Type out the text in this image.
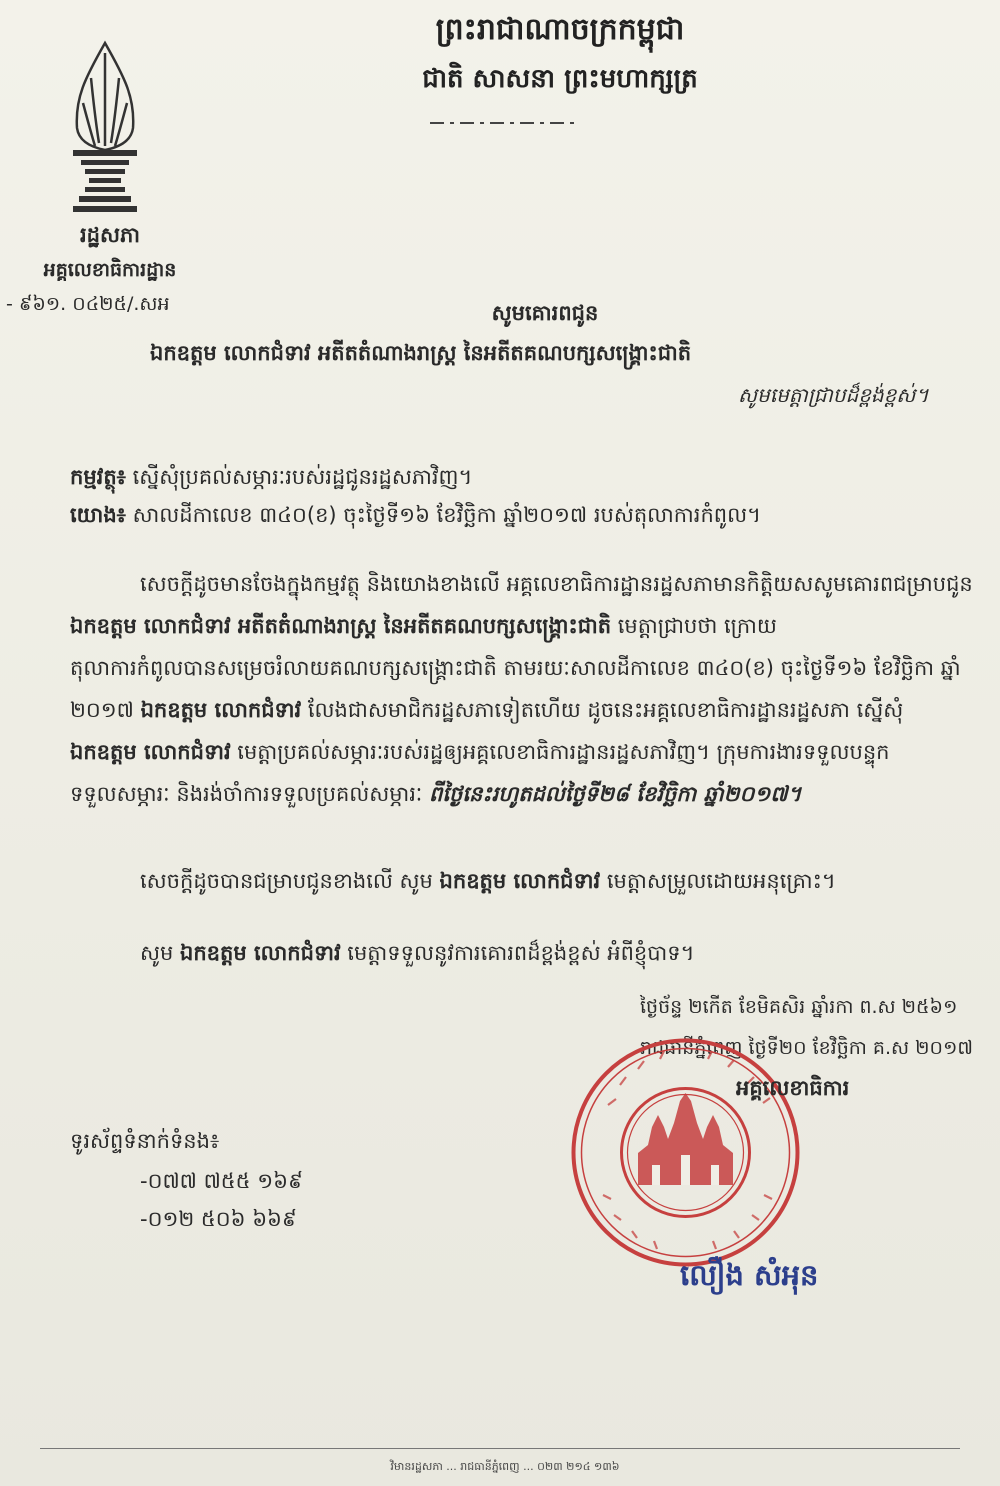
ព្រះរាជាណាចក្រកម្ពុជា
ជាតិ សាសនា ព្រះមហាក្សត្រ
រដ្ឋសភា
អគ្គលេខាធិការដ្ឋាន
- ៩៦១. ០៤២៥/.សអ	សូមគោរពជូន
ឯកឧត្តម លោកជំទាវ អតីតតំណាងរាស្ត្រ នៃអតីតគណបក្សសង្គ្រោះជាតិ
សូមមេត្តាជ្រាបដ៏ខ្ពង់ខ្ពស់។
កម្មវត្ថុ៖ ស្នើសុំប្រគល់សម្ភារៈរបស់រដ្ឋជូនរដ្ឋសភាវិញ។
យោង៖ សាលដីកាលេខ ៣៤០(ខ) ចុះថ្ងៃទី១៦ ខែវិច្ឆិកា ឆ្នាំ២០១៧ របស់តុលាការកំពូល។
សេចក្តីដូចមានចែងក្នុងកម្មវត្ថុ និងយោងខាងលើ អគ្គលេខាធិការដ្ឋានរដ្ឋសភាមានកិត្តិយសសូមគោរពជម្រាបជូន
ឯកឧត្តម លោកជំទាវ អតីតតំណាងរាស្ត្រ នៃអតីតគណបក្សសង្គ្រោះជាតិ មេត្តាជ្រាបថា ក្រោយ
តុលាការកំពូលបានសម្រេចរំលាយគណបក្សសង្គ្រោះជាតិ តាមរយៈសាលដីកាលេខ ៣៤០(ខ) ចុះថ្ងៃទី១៦ ខែវិច្ឆិកា ឆ្នាំ
២០១៧ ឯកឧត្តម លោកជំទាវ លែងជាសមាជិករដ្ឋសភាទៀតហើយ ដូចនេះអគ្គលេខាធិការដ្ឋានរដ្ឋសភា ស្នើសុំ
ឯកឧត្តម លោកជំទាវ មេត្តាប្រគល់សម្ភារៈរបស់រដ្ឋឲ្យអគ្គលេខាធិការដ្ឋានរដ្ឋសភាវិញ។ ក្រុមការងារទទួលបន្ទុក
ទទួលសម្ភារៈ និងរង់ចាំការទទួលប្រគល់សម្ភារៈ ពីថ្ងៃនេះរហូតដល់ថ្ងៃទី២៨ ខែវិច្ឆិកា ឆ្នាំ២០១៧។
សេចក្តីដូចបានជម្រាបជូនខាងលើ សូម ឯកឧត្តម លោកជំទាវ មេត្តាសម្រួលដោយអនុគ្រោះ។
សូម ឯកឧត្តម លោកជំទាវ មេត្តាទទួលនូវការគោរពដ៏ខ្ពង់ខ្ពស់ អំពីខ្ញុំបាទ។
ថ្ងៃច័ន្ទ ២កើត ខែមិគសិរ ឆ្នាំរកា ព.ស ២៥៦១
រាជធានីភ្នំពេញ ថ្ងៃទី២០ ខែវិច្ឆិកា គ.ស ២០១៧
អគ្គលេខាធិការ
លឿង សំអុន
ទូរស័ព្ទទំនាក់ទំនង៖
-០៧៧ ៧៥៥ ១៦៩
-០១២ ៥០៦ ៦៦៩
វិមានរដ្ឋសភា ... រាជធានីភ្នំពេញ ... ០២៣ ២១៤ ១៣៦
